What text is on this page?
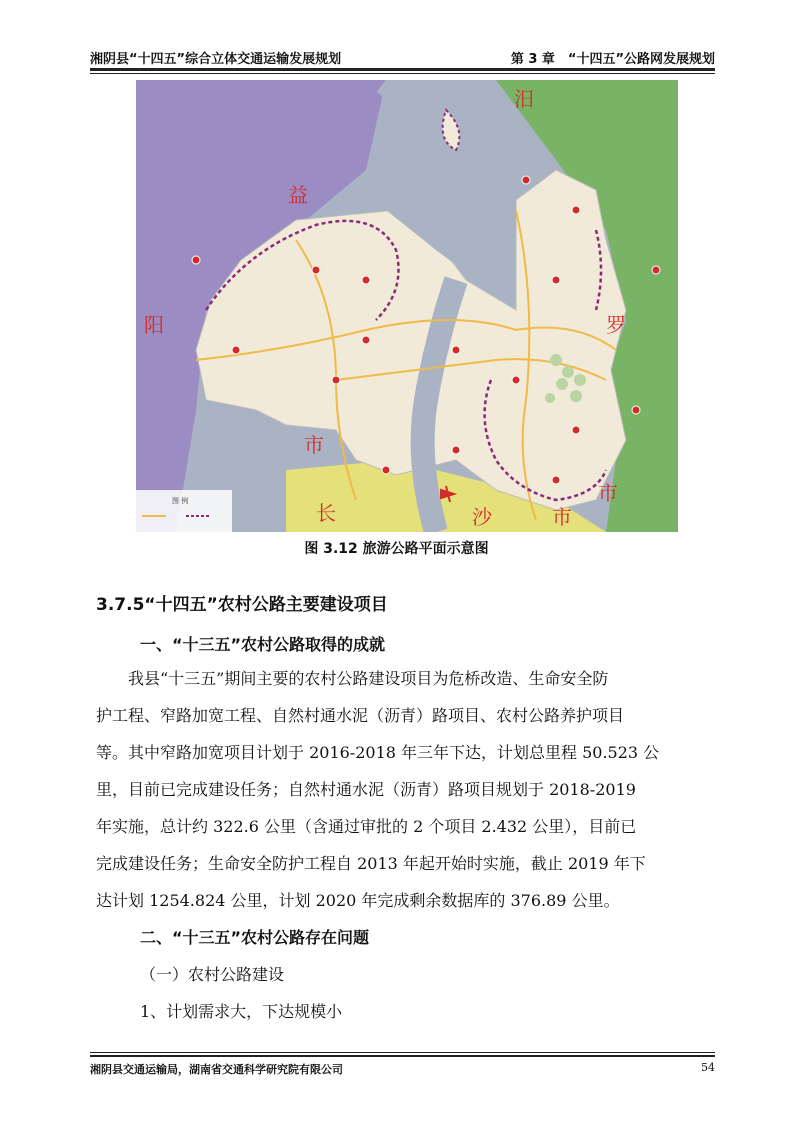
湘阴县“十四五”综合立体交通运输发展规划	第 3 章　“十四五”公路网发展规划
益
阳
市
汨
罗
市
长	沙	市
图 例
图 3.12 旅游公路平面示意图
3.7.5“十四五”农村公路主要建设项目
一、“十三五”农村公路取得的成就
　　我县“十三五”期间主要的农村公路建设项目为危桥改造、生命安全防
护工程、窄路加宽工程、自然村通水泥（沥青）路项目、农村公路养护项目
等。其中窄路加宽项目计划于 2016-2018 年三年下达，计划总里程 50.523 公
里，目前已完成建设任务；自然村通水泥（沥青）路项目规划于 2018-2019
年实施，总计约 322.6 公里（含通过审批的 2 个项目 2.432 公里），目前已
完成建设任务；生命安全防护工程自 2013 年起开始时实施，截止 2019 年下
达计划 1254.824 公里，计划 2020 年完成剩余数据库的 376.89 公里。
二、“十三五”农村公路存在问题
（一）农村公路建设
1、计划需求大，下达规模小
湘阴县交通运输局，湖南省交通科学研究院有限公司	54
